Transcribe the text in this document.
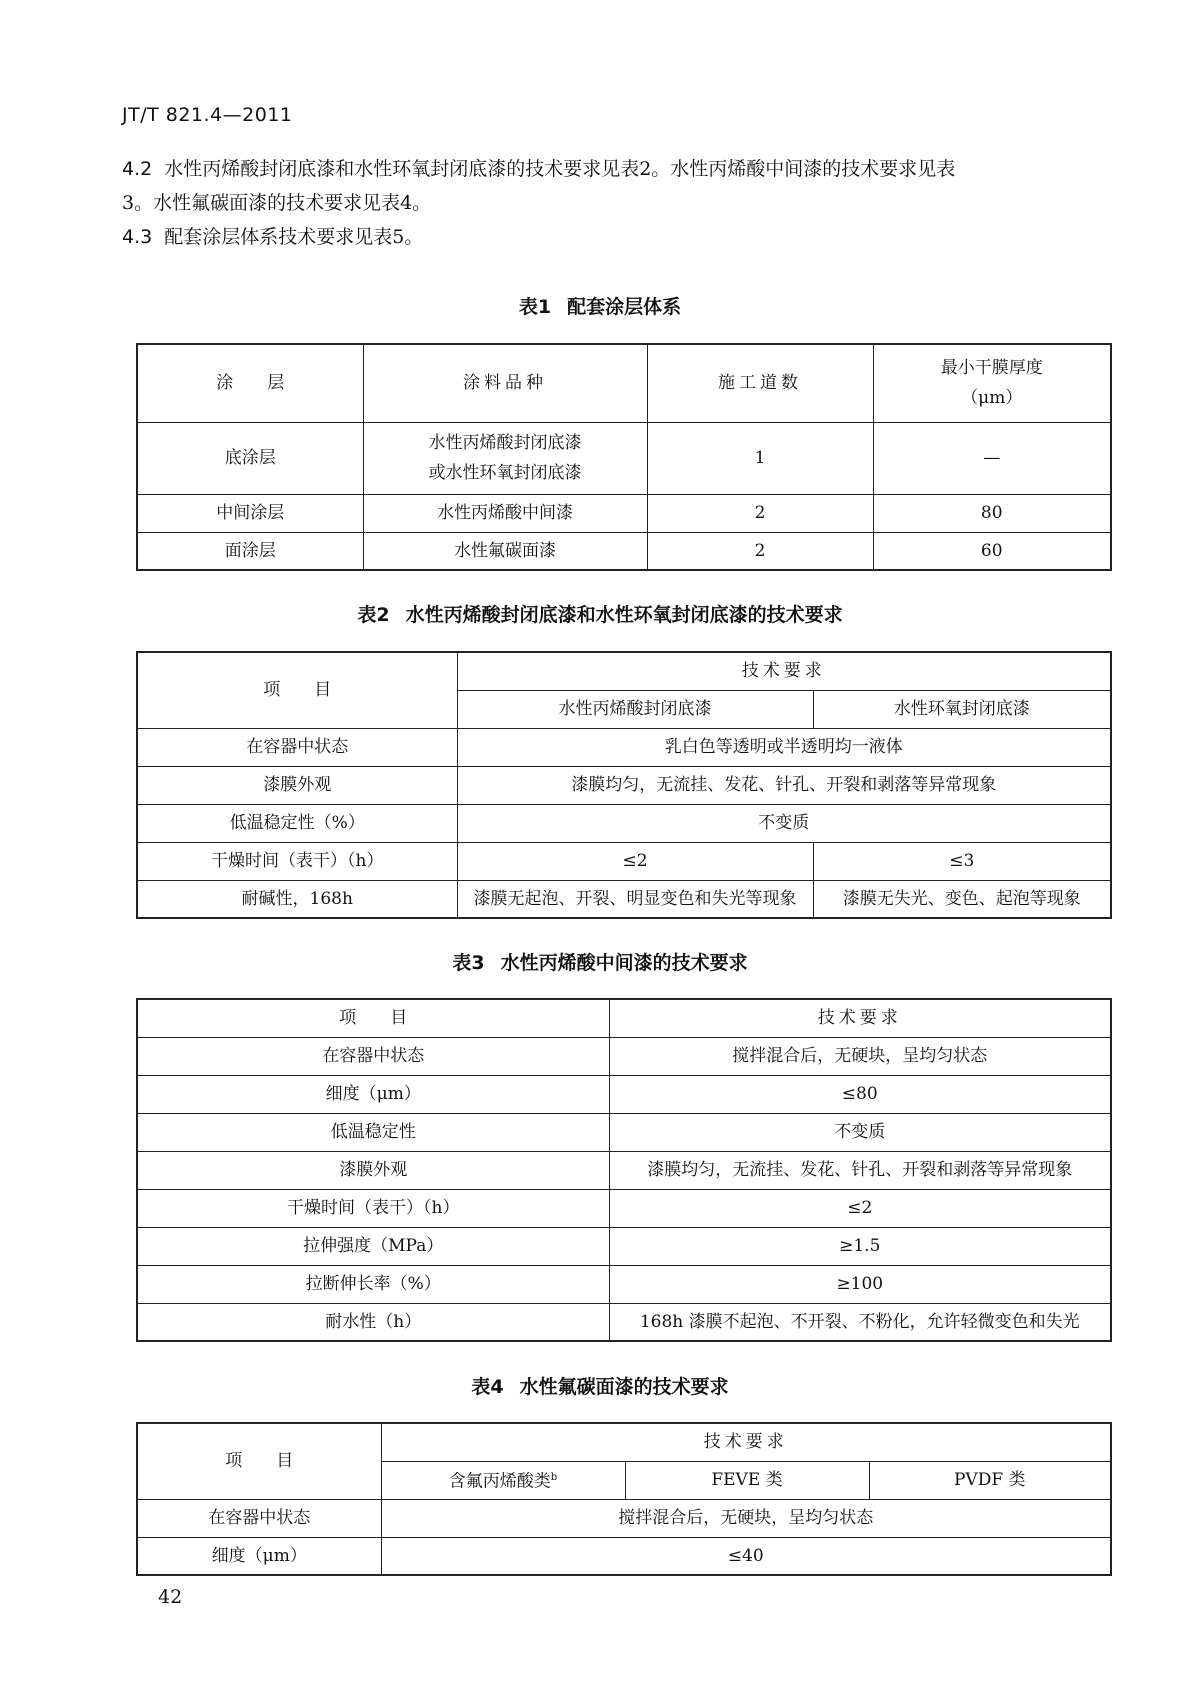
JT/T 821.4—2011
4.2 水性丙烯酸封闭底漆和水性环氧封闭底漆的技术要求见表2。水性丙烯酸中间漆的技术要求见表
3。水性氟碳面漆的技术要求见表4。
4.3 配套涂层体系技术要求见表5。
表1 配套涂层体系
涂　　层	涂料品种	施工道数	最小干膜厚度
（μm）

底涂层	水性丙烯酸封闭底漆
或水性环氧封闭底漆	1	—
中间涂层	水性丙烯酸中间漆	2	80
面涂层	水性氟碳面漆	2	60
表2 水性丙烯酸封闭底漆和水性环氧封闭底漆的技术要求
项　　目	技术要求	
	水性丙烯酸封闭底漆	水性环氧封闭底漆
在容器中状态	乳白色等透明或半透明均一液体	
漆膜外观	漆膜均匀，无流挂、发花、针孔、开裂和剥落等异常现象	
低温稳定性（%）	不变质	
干燥时间（表干）（h）	≤2	≤3
耐碱性，168h	漆膜无起泡、开裂、明显变色和失光等现象	漆膜无失光、变色、起泡等现象
表3 水性丙烯酸中间漆的技术要求
项　　目	技术要求
在容器中状态	搅拌混合后，无硬块，呈均匀状态
细度（μm）	≤80
低温稳定性	不变质
漆膜外观	漆膜均匀，无流挂、发花、针孔、开裂和剥落等异常现象
干燥时间（表干）（h）	≤2
拉伸强度（MPa）	≥1.5
拉断伸长率（%）	≥100
耐水性（h）	168h 漆膜不起泡、不开裂、不粉化，允许轻微变色和失光
表4 水性氟碳面漆的技术要求
项　　目	技术要求		
	含氟丙烯酸类$^b$	FEVE 类	PVDF 类
在容器中状态	搅拌混合后，无硬块，呈均匀状态		
细度（μm）	≤40		
42
